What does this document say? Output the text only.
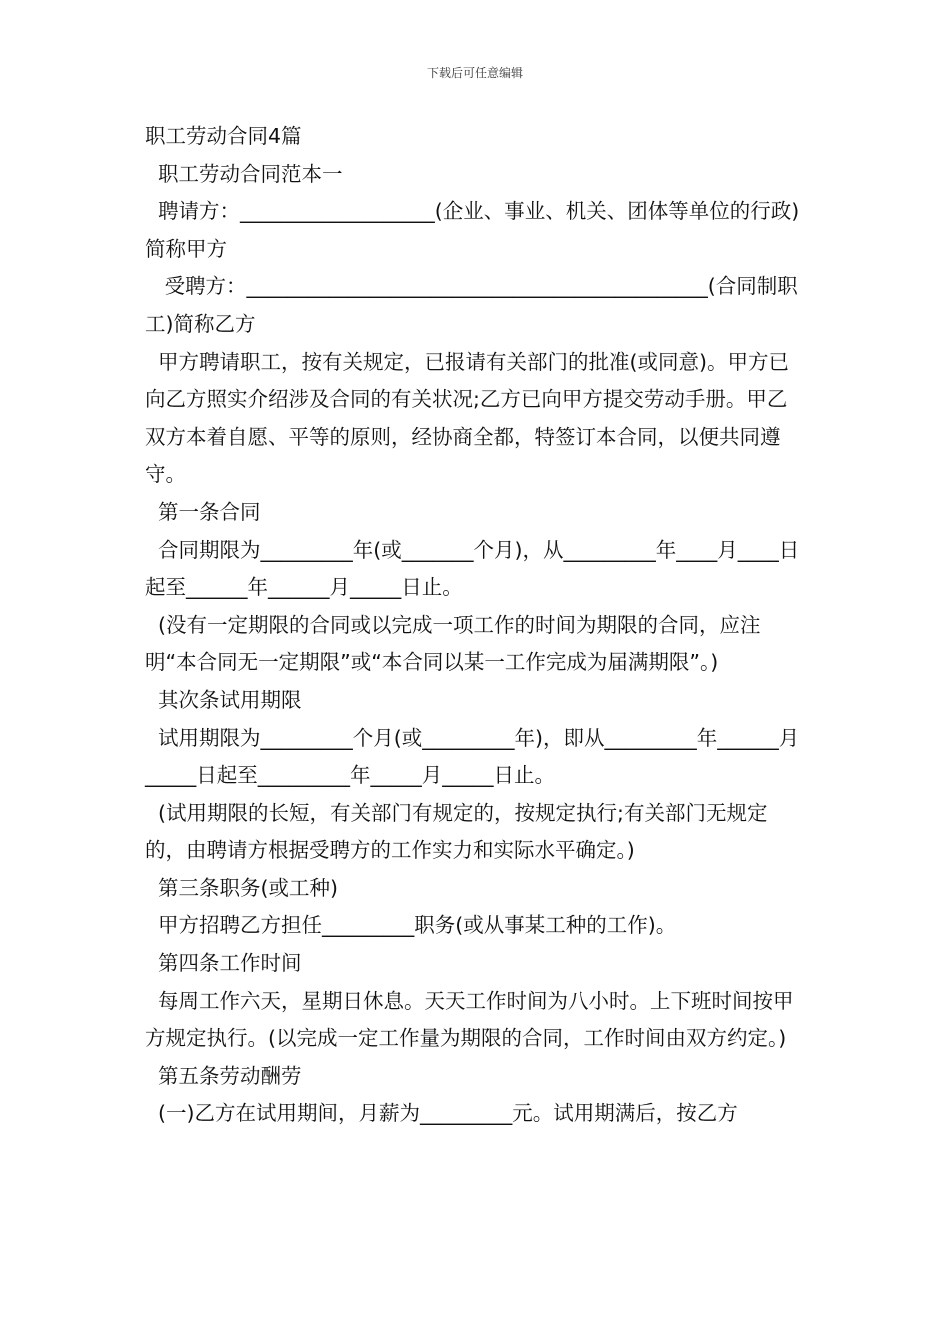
下载后可任意编辑

职工劳动合同4篇

职工劳动合同范本一

聘请方：___________________(企业、事业、机关、团体等单位的行政)简称甲方

受聘方：_____________________________________________(合同制职工)简称乙方

甲方聘请职工，按有关规定，已报请有关部门的批准(或同意)。甲方已向乙方照实介绍涉及合同的有关状况;乙方已向甲方提交劳动手册。甲乙双方本着自愿、平等的原则，经协商全都，特签订本合同，以便共同遵守。

第一条合同

合同期限为_________年(或_______个月)，从_________年____月____日起至______年______月_____日止。

(没有一定期限的合同或以完成一项工作的时间为期限的合同，应注明“本合同无一定期限”或“本合同以某一工作完成为届满期限”。)

其次条试用期限

试用期限为_________个月(或_________年)，即从_________年______月_____日起至_________年_____月_____日止。

(试用期限的长短，有关部门有规定的，按规定执行;有关部门无规定的，由聘请方根据受聘方的工作实力和实际水平确定。)

第三条职务(或工种)

甲方招聘乙方担任_________职务(或从事某工种的工作)。

第四条工作时间

每周工作六天，星期日休息。天天工作时间为八小时。上下班时间按甲方规定执行。(以完成一定工作量为期限的合同，工作时间由双方约定。)

第五条劳动酬劳

(一)乙方在试用期间，月薪为_________元。试用期满后，按乙方
